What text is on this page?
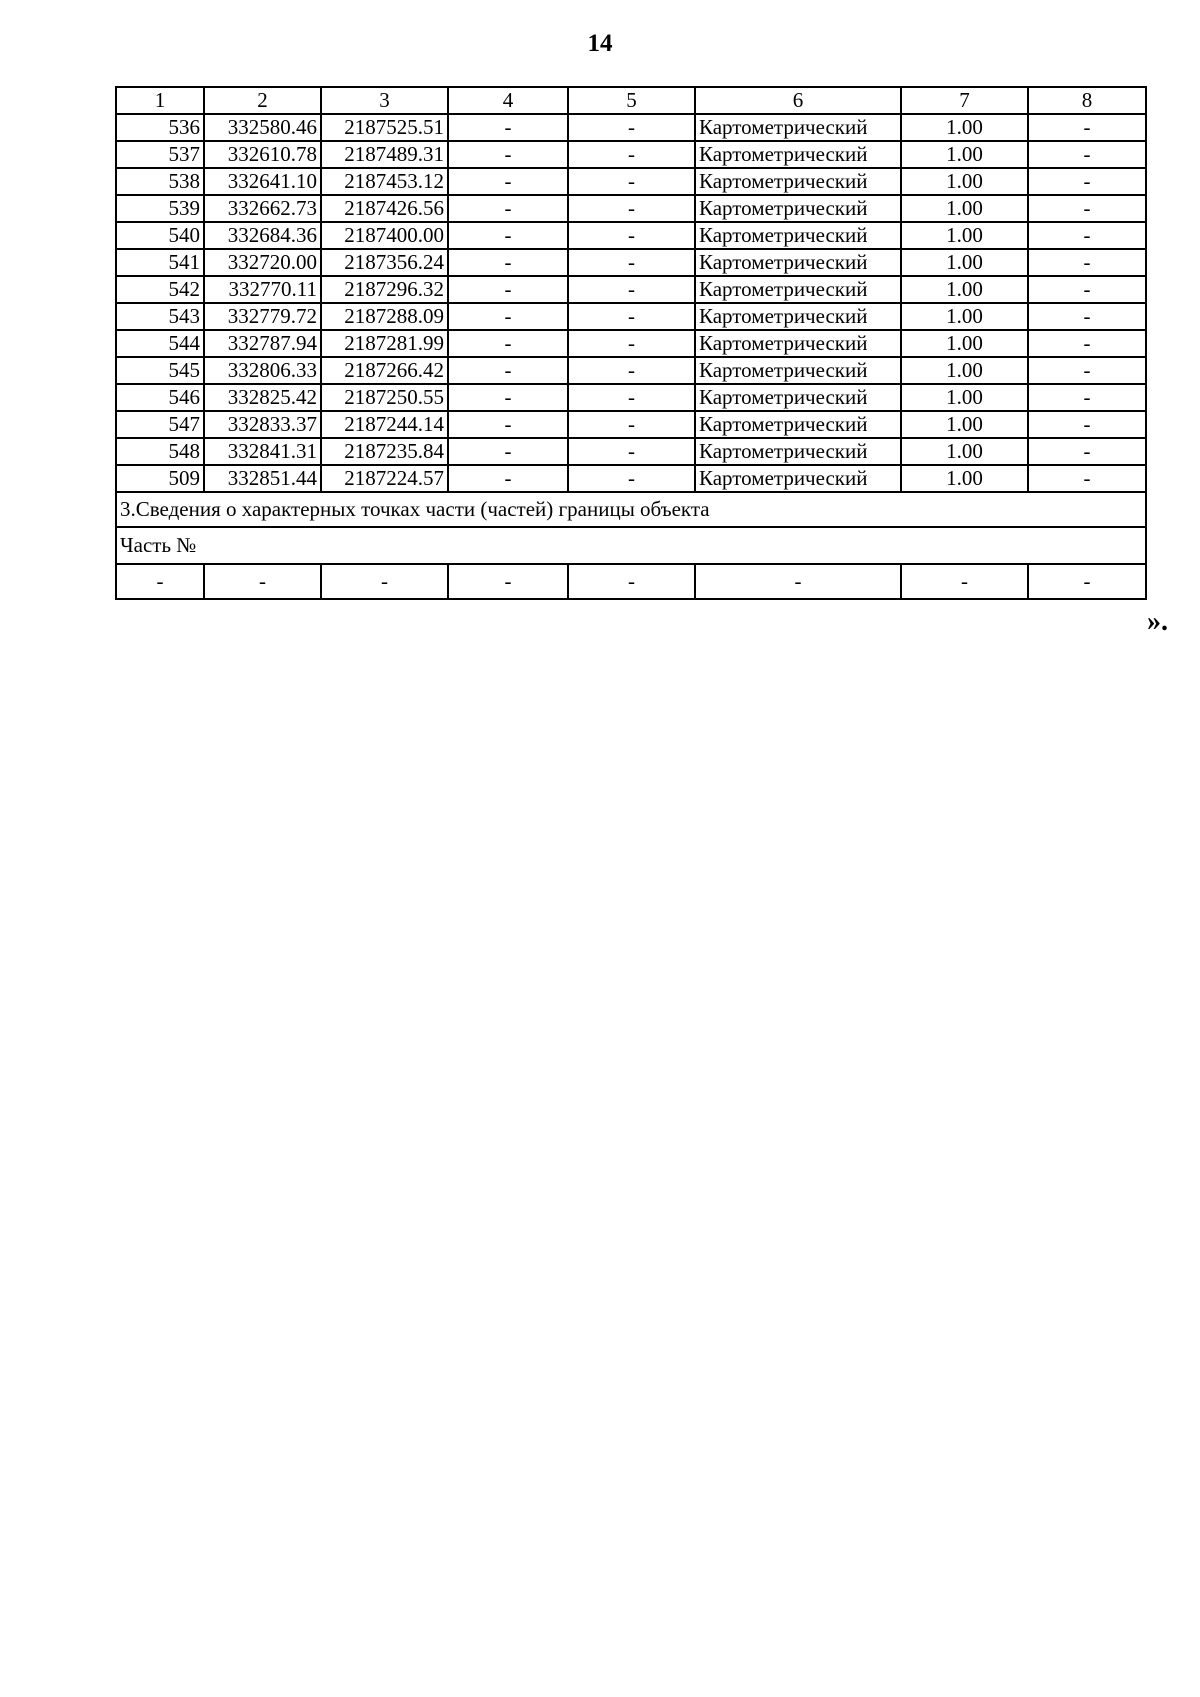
14
1	2	3	4	5	6	7	8
536	332580.46	2187525.51	-	-	Картометрический	1.00	-
537	332610.78	2187489.31	-	-	Картометрический	1.00	-
538	332641.10	2187453.12	-	-	Картометрический	1.00	-
539	332662.73	2187426.56	-	-	Картометрический	1.00	-
540	332684.36	2187400.00	-	-	Картометрический	1.00	-
541	332720.00	2187356.24	-	-	Картометрический	1.00	-
542	332770.11	2187296.32	-	-	Картометрический	1.00	-
543	332779.72	2187288.09	-	-	Картометрический	1.00	-
544	332787.94	2187281.99	-	-	Картометрический	1.00	-
545	332806.33	2187266.42	-	-	Картометрический	1.00	-
546	332825.42	2187250.55	-	-	Картометрический	1.00	-
547	332833.37	2187244.14	-	-	Картометрический	1.00	-
548	332841.31	2187235.84	-	-	Картометрический	1.00	-
509	332851.44	2187224.57	-	-	Картометрический	1.00	-
3.Сведения о характерных точках части (частей) границы объекта							
Часть №							
-	-	-	-	-	-	-	-
».
